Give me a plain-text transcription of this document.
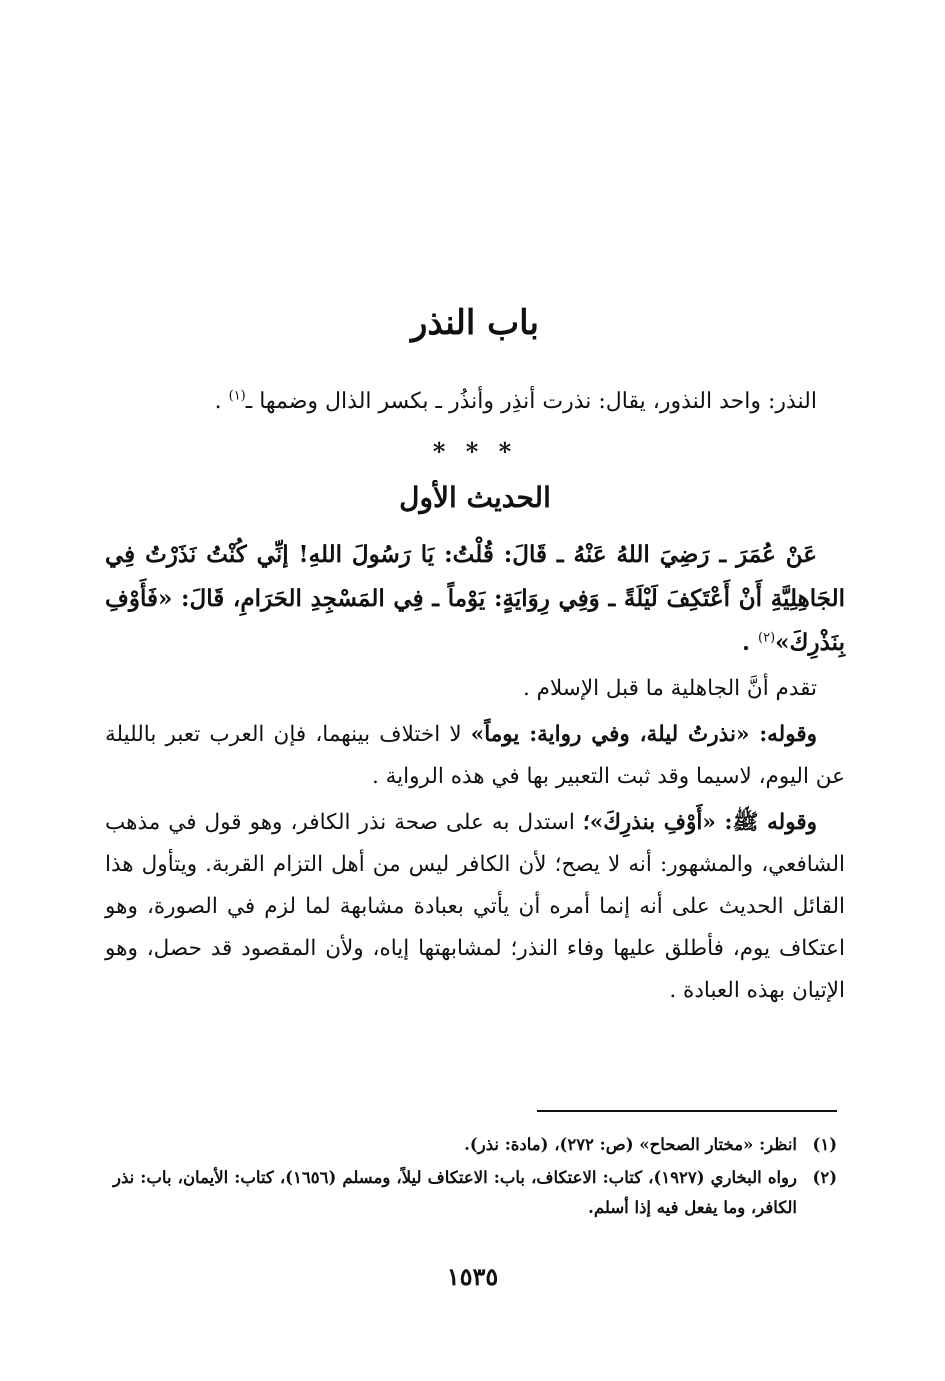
باب النذر

النذر: واحد النذور، يقال: نذرت أنذِر وأنذُر ـ بكسر الذال وضمها ـ$^{(١)}$ .

* * *
الحديث الأول

عَنْ عُمَرَ ـ رَضِيَ اللهُ عَنْهُ ـ قَالَ: قُلْتُ: يَا رَسُولَ اللهِ! إنِّي كُنْتُ نَذَرْتُ فِي الجَاهِلِيَّةِ أَنْ أَعْتَكِفَ لَيْلَةً ـ وَفِي رِوَايَةٍ: يَوْماً ـ فِي المَسْجِدِ الحَرَامِ، قَالَ: «فَأَوْفِ بِنَذْرِكَ»$^{(٢)}$ .

تقدم أنَّ الجاهلية ما قبل الإسلام .

وقوله: «نذرتُ ليلة، وفي رواية: يوماً» لا اختلاف بينهما، فإن العرب تعبر بالليلة عن اليوم، لاسيما وقد ثبت التعبير بها في هذه الرواية .

وقوله ﷺ: «أَوْفِ بنذرِكَ»؛ استدل به على صحة نذر الكافر، وهو قول في مذهب الشافعي، والمشهور: أنه لا يصح؛ لأن الكافر ليس من أهل التزام القربة. ويتأول هذا القائل الحديث على أنه إنما أمره أن يأتي بعبادة مشابهة لما لزم في الصورة، وهو اعتكاف يوم، فأطلق عليها وفاء النذر؛ لمشابهتها إياه، ولأن المقصود قد حصل، وهو الإتيان بهذه العبادة .

(١)
انظر: «مختار الصحاح» (ص: ٢٧٢)، (مادة: نذر).
(٢)
رواه البخاري (١٩٢٧)، كتاب: الاعتكاف، باب: الاعتكاف ليلاً، ومسلم (١٦٥٦)، كتاب: الأيمان، باب: نذر الكافر، وما يفعل فيه إذا أسلم.
١٥٣٥
